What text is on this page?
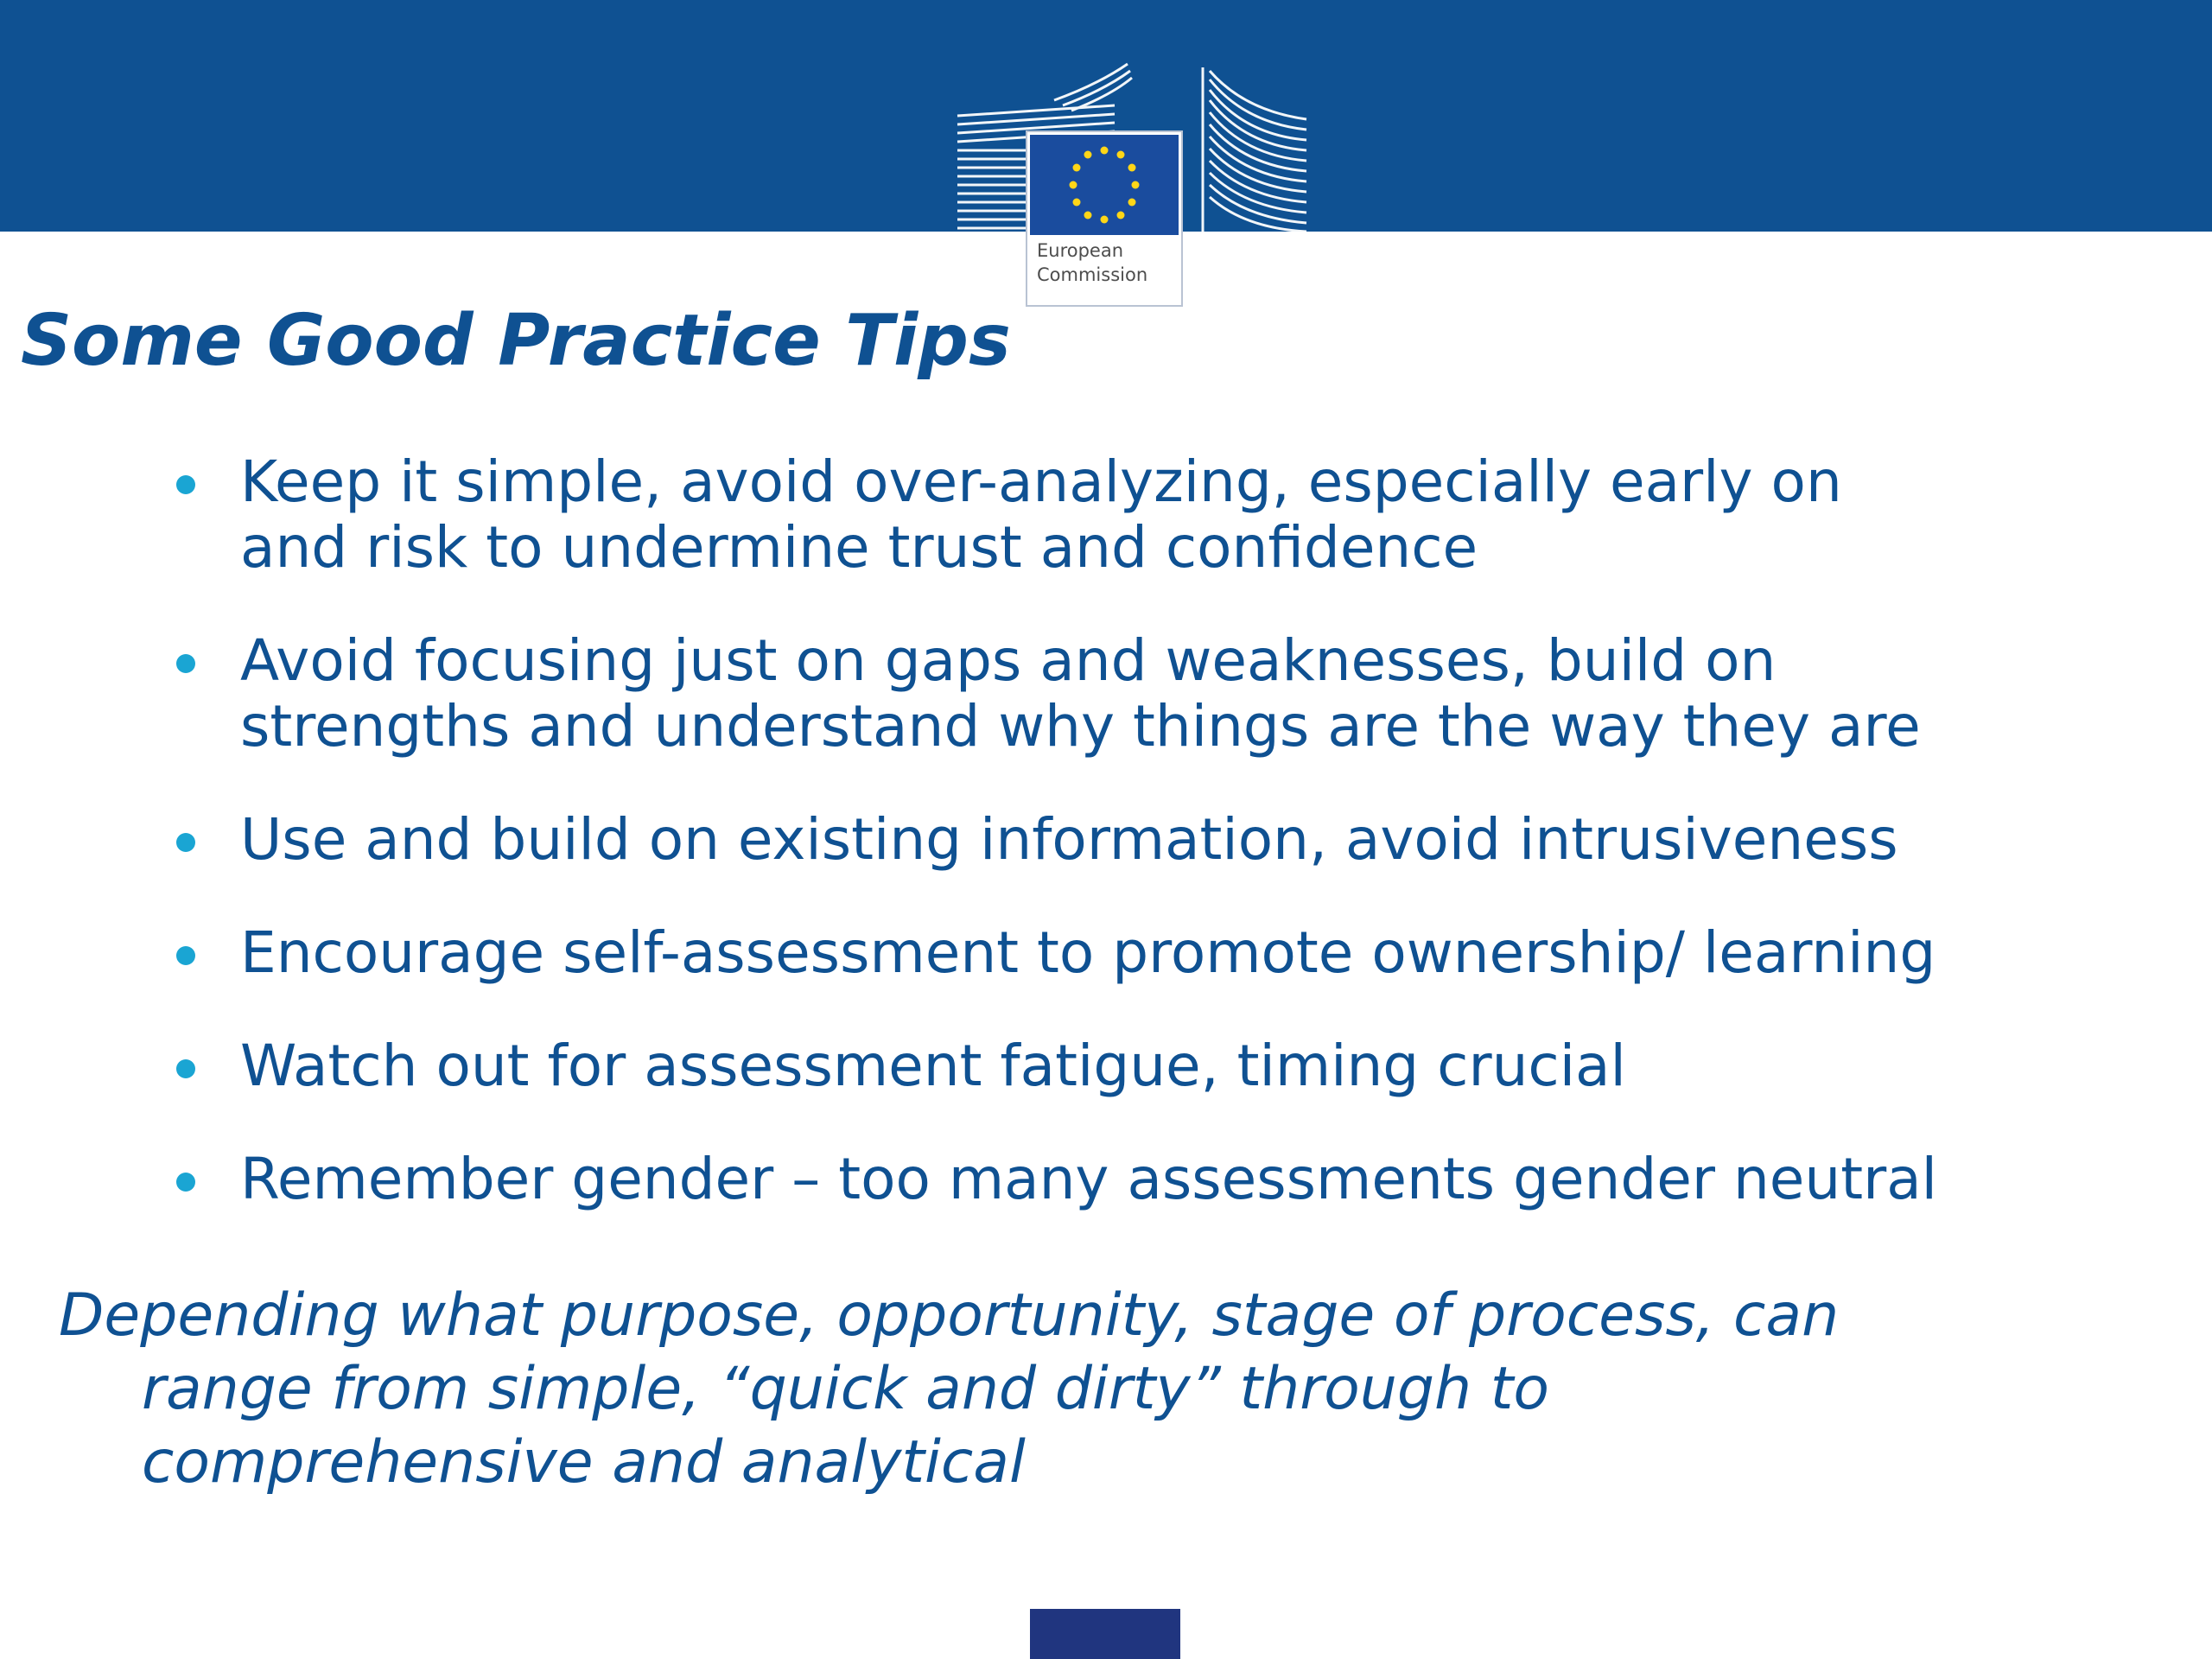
European
Commission
Some Good Practice Tips
Keep it simple, avoid over-analyzing, especially early on
and risk to undermine trust and confidence
Avoid focusing just on gaps and weaknesses, build on
strengths and understand why things are the way they are
Use and build on existing information, avoid intrusiveness
Encourage self-assessment to promote ownership/ learning
Watch out for assessment fatigue, timing crucial
Remember gender – too many assessments gender neutral

Depending what purpose, opportunity, stage of process, can
range from simple, “quick and dirty” through to
comprehensive and analytical
